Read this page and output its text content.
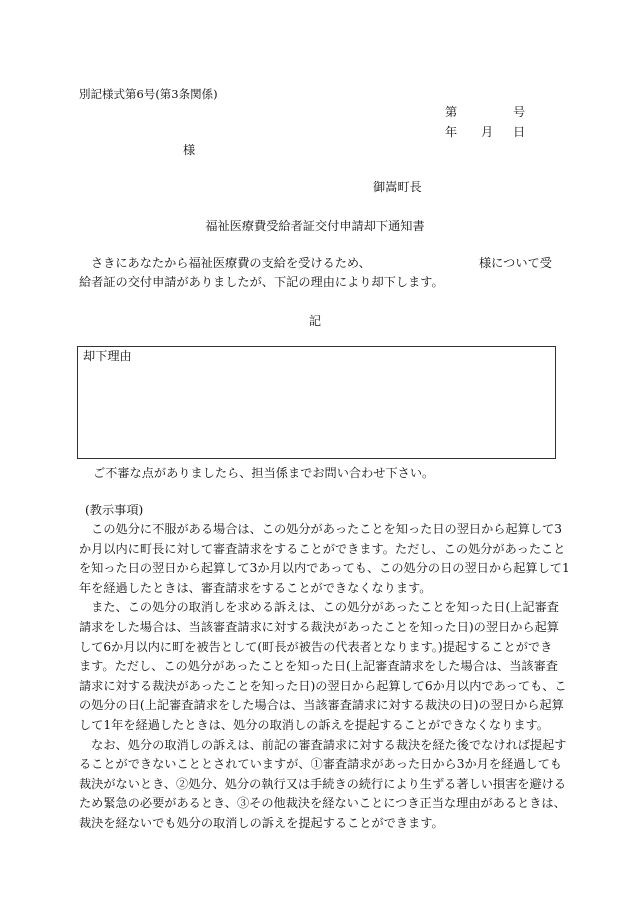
別記様式第6号(第3条関係)
第	号
年 月 日
様
御嵩町長
福祉医療費受給者証交付申請却下通知書
さきにあなたから福祉医療費の支給を受けるため、	様について受
給者証の交付申請がありましたが、下記の理由により却下します。
記
却下理由
ご不審な点がありましたら、担当係までお問い合わせ下さい。
(教示事項)
　この処分に不服がある場合は、この処分があったことを知った日の翌日から起算して3
か月以内に町長に対して審査請求をすることができます。ただし、この処分があったこと
を知った日の翌日から起算して3か月以内であっても、この処分の日の翌日から起算して1
年を経過したときは、審査請求をすることができなくなります。
　また、この処分の取消しを求める訴えは、この処分があったことを知った日(上記審査
請求をした場合は、当該審査請求に対する裁決があったことを知った日)の翌日から起算
して6か月以内に町を被告として(町長が被告の代表者となります。)提起することができ
ます。ただし、この処分があったことを知った日(上記審査請求をした場合は、当該審査
請求に対する裁決があったことを知った日)の翌日から起算して6か月以内であっても、こ
の処分の日(上記審査請求をした場合は、当該審査請求に対する裁決の日)の翌日から起算
して1年を経過したときは、処分の取消しの訴えを提起することができなくなります。
　なお、処分の取消しの訴えは、前記の審査請求に対する裁決を経た後でなければ提起す
ることができないこととされていますが、①審査請求があった日から3か月を経過しても
裁決がないとき、②処分、処分の執行又は手続きの続行により生ずる著しい損害を避ける
ため緊急の必要があるとき、③その他裁決を経ないことにつき正当な理由があるときは、
裁決を経ないでも処分の取消しの訴えを提起することができます。
